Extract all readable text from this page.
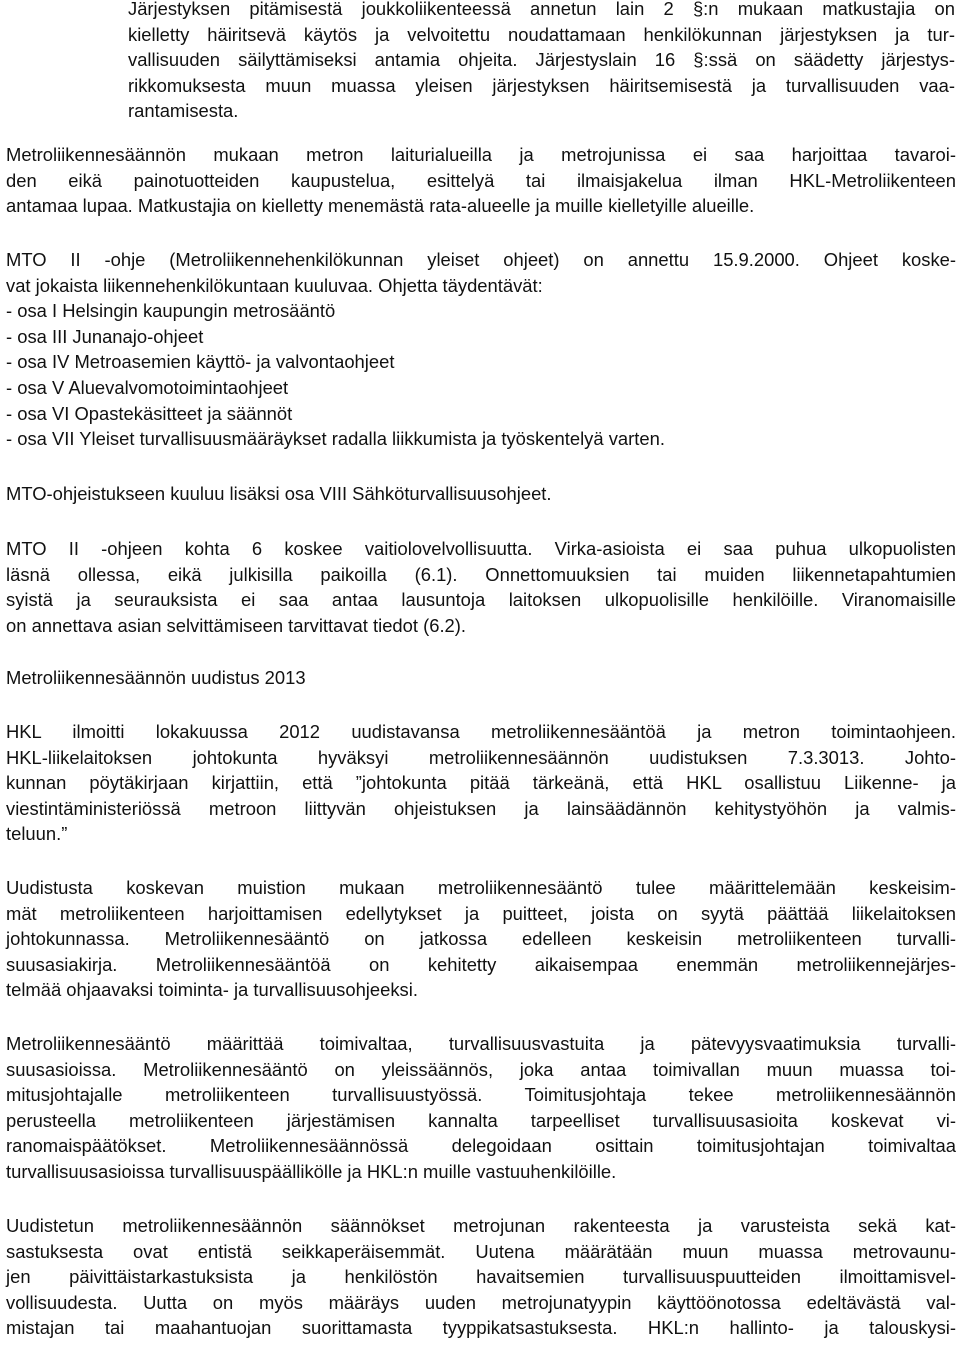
Järjestyksen pitämisestä joukkoliikenteessä annetun lain 2 §:n mukaan matkustajia on
kielletty häiritsevä käytös ja velvoitettu noudattamaan henkilökunnan järjestyksen ja tur-
vallisuuden säilyttämiseksi antamia ohjeita. Järjestyslain 16 §:ssä on säädetty järjestys-
rikkomuksesta muun muassa yleisen järjestyksen häiritsemisestä ja turvallisuuden vaa-
rantamisesta.
Metroliikennesäännön mukaan metron laiturialueilla ja metrojunissa ei saa harjoittaa tavaroi-
den eikä painotuotteiden kaupustelua, esittelyä tai ilmaisjakelua ilman HKL-Metroliikenteen
antamaa lupaa. Matkustajia on kielletty menemästä rata-alueelle ja muille kielletyille alueille.
MTO II -ohje (Metroliikennehenkilökunnan yleiset ohjeet) on annettu 15.9.2000. Ohjeet koske-
vat jokaista liikennehenkilökuntaan kuuluvaa. Ohjetta täydentävät:
- osa I Helsingin kaupungin metrosääntö
- osa III Junanajo-ohjeet
- osa IV Metroasemien käyttö- ja valvontaohjeet
- osa V Aluevalvomotoimintaohjeet
- osa VI Opastekäsitteet ja säännöt
- osa VII Yleiset turvallisuusmääräykset radalla liikkumista ja työskentelyä varten.
MTO-ohjeistukseen kuuluu lisäksi osa VIII Sähköturvallisuusohjeet.
MTO II -ohjeen kohta 6 koskee vaitiolovelvollisuutta. Virka-asioista ei saa puhua ulkopuolisten
läsnä ollessa, eikä julkisilla paikoilla (6.1). Onnettomuuksien tai muiden liikennetapahtumien
syistä ja seurauksista ei saa antaa lausuntoja laitoksen ulkopuolisille henkilöille. Viranomaisille
on annettava asian selvittämiseen tarvittavat tiedot (6.2).
Metroliikennesäännön uudistus 2013
HKL ilmoitti lokakuussa 2012 uudistavansa metroliikennesääntöä ja metron toimintaohjeen.
HKL-liikelaitoksen johtokunta hyväksyi metroliikennesäännön uudistuksen 7.3.3013. Johto-
kunnan pöytäkirjaan kirjattiin, että ”johtokunta pitää tärkeänä, että HKL osallistuu Liikenne- ja
viestintäministeriössä metroon liittyvän ohjeistuksen ja lainsäädännön kehitystyöhön ja valmis-
teluun.”
Uudistusta koskevan muistion mukaan metroliikennesääntö tulee määrittelemään keskeisim-
mät metroliikenteen harjoittamisen edellytykset ja puitteet, joista on syytä päättää liikelaitoksen
johtokunnassa. Metroliikennesääntö on jatkossa edelleen keskeisin metroliikenteen turvalli-
suusasiakirja. Metroliikennesääntöä on kehitetty aikaisempaa enemmän metroliikennejärjes-
telmää ohjaavaksi toiminta- ja turvallisuusohjeeksi.
Metroliikennesääntö määrittää toimivaltaa, turvallisuusvastuita ja pätevyysvaatimuksia turvalli-
suusasioissa. Metroliikennesääntö on yleissäännös, joka antaa toimivallan muun muassa toi-
mitusjohtajalle metroliikenteen turvallisuustyössä. Toimitusjohtaja tekee metroliikennesäännön
perusteella metroliikenteen järjestämisen kannalta tarpeelliset turvallisuusasioita koskevat vi-
ranomaispäätökset. Metroliikennesäännössä delegoidaan osittain toimitusjohtajan toimivaltaa
turvallisuusasioissa turvallisuuspäällikölle ja HKL:n muille vastuuhenkilöille.
Uudistetun metroliikennesäännön säännökset metrojunan rakenteesta ja varusteista sekä kat-
sastuksesta ovat entistä seikkaperäisemmät. Uutena määrätään muun muassa metrovaunu-
jen päivittäistarkastuksista ja henkilöstön havaitsemien turvallisuuspuutteiden ilmoittamisvel-
vollisuudesta. Uutta on myös määräys uuden metrojunatyypin käyttöönotossa edeltävästä val-
mistajan tai maahantuojan suorittamasta tyyppikatsastuksesta. HKL:n hallinto- ja talouskysi-
